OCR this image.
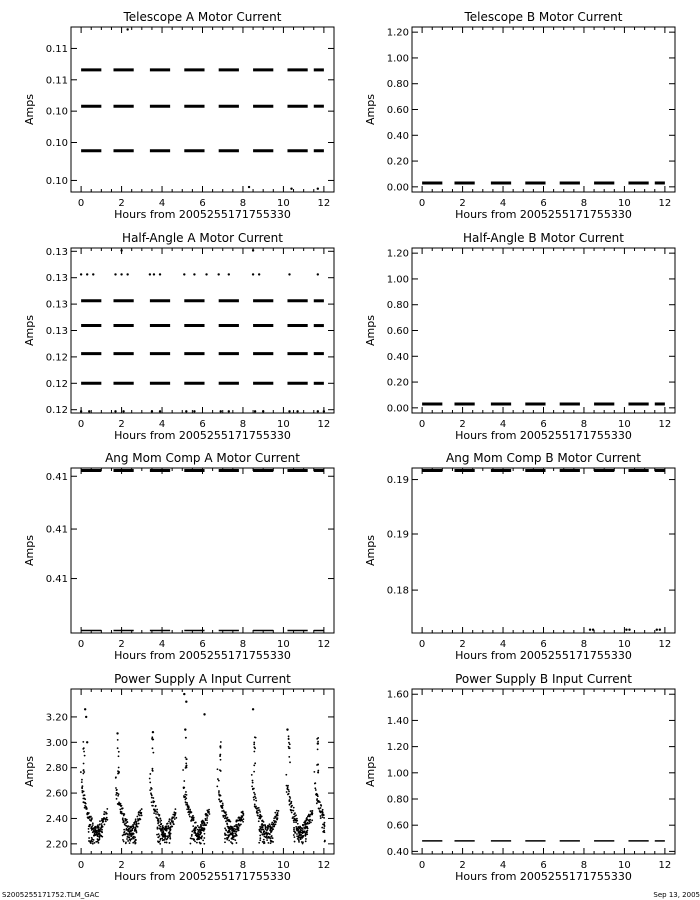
Telescope A Motor Current
0	2	4	6	8	10	12
Hours from 2005255171755330
0.10
0.10
0.10
0.11
0.11
Amps
Telescope B Motor Current
0	2	4	6	8	10	12
Hours from 2005255171755330
0.00
0.20
0.40
0.60
0.80
1.00
1.20
Amps
Half-Angle A Motor Current
0	2	4	6	8	10	12
Hours from 2005255171755330
0.12
0.12
0.12
0.13
0.13
0.13
0.13
Amps
Half-Angle B Motor Current
0	2	4	6	8	10	12
Hours from 2005255171755330
0.00
0.20
0.40
0.60
0.80
1.00
1.20
Amps
Ang Mom Comp A Motor Current
0	2	4	6	8	10	12
Hours from 2005255171755330
0.41
0.41
0.41
Amps
Ang Mom Comp B Motor Current
0	2	4	6	8	10	12
Hours from 2005255171755330
0.18
0.19
0.19
Amps
Power Supply A Input Current
0	2	4	6	8	10	12
Hours from 2005255171755330
2.20
2.40
2.60
2.80
3.00
3.20
Amps
Power Supply B Input Current
0	2	4	6	8	10	12
Hours from 2005255171755330
0.40
0.60
0.80
1.00
1.20
1.40
1.60
Amps
S2005255171752.TLM_GAC	Sep 13, 2005
